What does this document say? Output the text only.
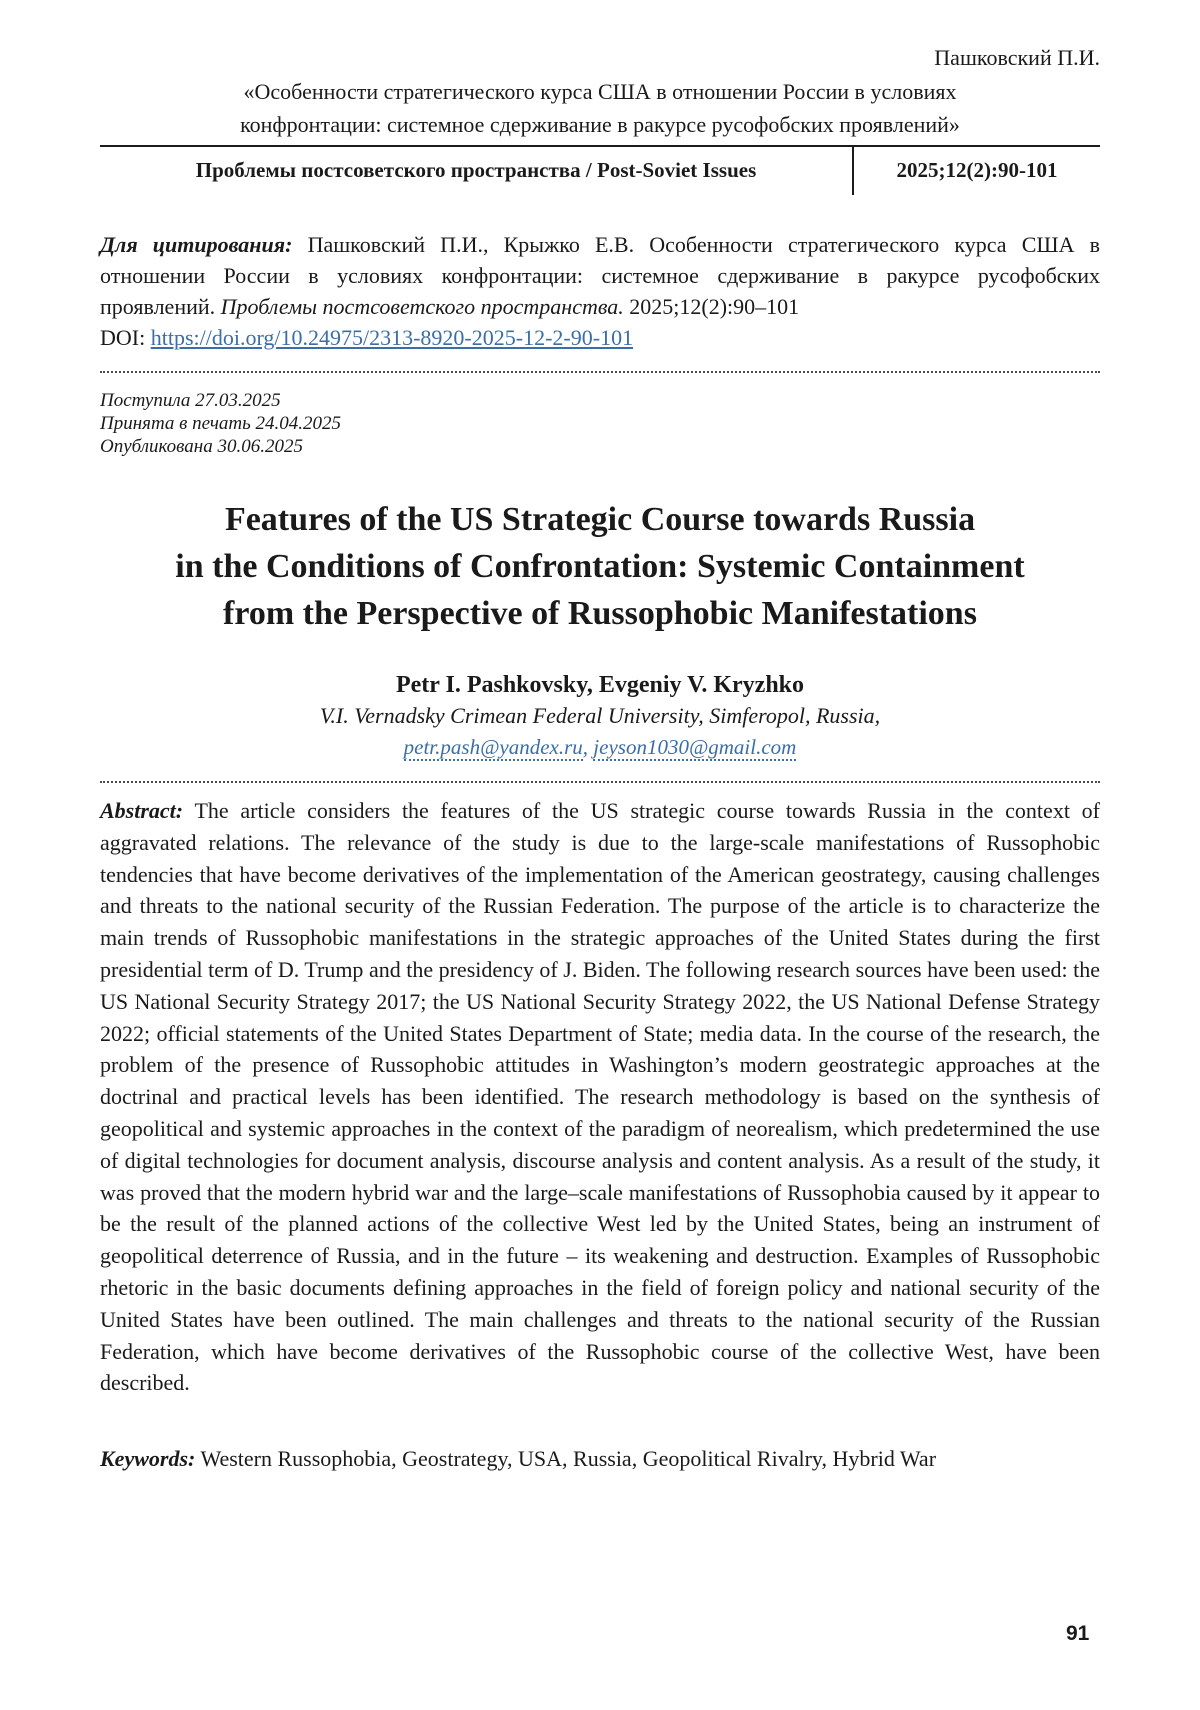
Пашковский П.И.
«Особенности стратегического курса США в отношении России в условиях
конфронтации: системное сдерживание в ракурсе русофобских проявлений»
Проблемы постсоветского пространства / Post-Soviet Issues	2025;12(2):90-101
Для цитирования: Пашковский П.И., Крыжко Е.В. Особенности стратегического курса США в отношении России в условиях конфронтации: системное сдерживание в ракурсе русофобских проявлений. Проблемы постсоветского пространства. 2025;12(2):90–101
DOI: https://doi.org/10.24975/2313-8920-2025-12-2-90-101
Поступила 27.03.2025
Принята в печать 24.04.2025
Опубликована 30.06.2025
Features of the US Strategic Course towards Russia
in the Conditions of Confrontation: Systemic Containment
from the Perspective of Russophobic Manifestations
Petr I. Pashkovsky, Evgeniy V. Kryzhko
V.I. Vernadsky Crimean Federal University, Simferopol, Russia,
petr.pash@yandex.ru, jeyson1030@gmail.com
Abstract: The article considers the features of the US strategic course towards Russia in the context of aggravated relations. The relevance of the study is due to the large-scale manifestations of Russophobic tendencies that have become derivatives of the implementation of the American geostrategy, causing challenges and threats to the national security of the Russian Federation. The purpose of the article is to characterize the main trends of Russophobic manifestations in the strategic approaches of the United States during the first presidential term of D. Trump and the presidency of J. Biden. The following research sources have been used: the US National Security Strategy 2017; the US National Security Strategy 2022, the US National Defense Strategy 2022; official statements of the United States Department of State; media data. In the course of the research, the problem of the presence of Russophobic attitudes in Washington’s modern geostrategic approaches at the doctrinal and practical levels has been identified. The research methodology is based on the synthesis of geopolitical and systemic approaches in the context of the paradigm of neorealism, which predetermined the use of digital technologies for document analysis, discourse analysis and content analysis. As a result of the study, it was proved that the modern hybrid war and the large–scale manifestations of Russophobia caused by it appear to be the result of the planned actions of the collective West led by the United States, being an instrument of geopolitical deterrence of Russia, and in the future – its weakening and destruction. Examples of Russophobic rhetoric in the basic documents defining approaches in the field of foreign policy and national security of the United States have been outlined. The main challenges and threats to the national security of the Russian Federation, which have become derivatives of the Russophobic course of the collective West, have been described.
Keywords: Western Russophobia, Geostrategy, USA, Russia, Geopolitical Rivalry, Hybrid War
91
